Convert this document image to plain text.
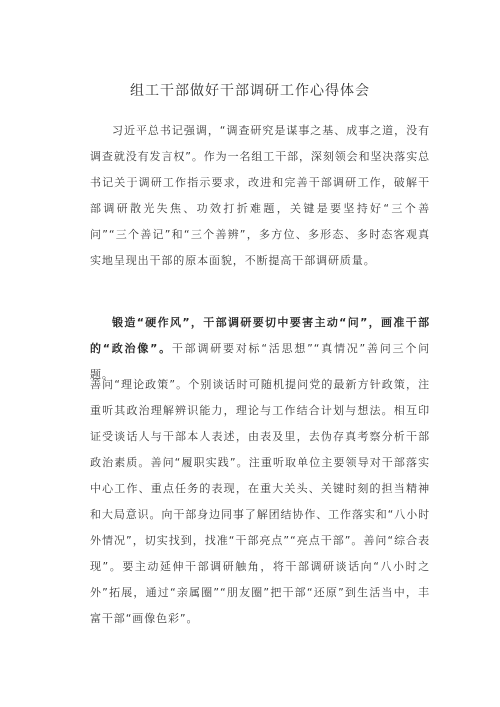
组工干部做好干部调研工作心得体会

习近平总书记强调，“调查研究是谋事之基、成事之道，没有调查就没有发言权”。作为一名组工干部，深刻领会和坚决落实总书记关于调研工作指示要求，改进和完善干部调研工作，破解干部调研散光失焦、功效打折难题，关键是要坚持好“三个善问”“三个善记”和“三个善辨”，多方位、多形态、多时态客观真实地呈现出干部的原本面貌，不断提高干部调研质量。

锻造“硬作风”，干部调研要切中要害主动“问”，画准干部的“政治像”。干部调研要对标“活思想”“真情况”善问三个问题。

善问“理论政策”。个别谈话时可随机提问党的最新方针政策，注重听其政治理解辨识能力，理论与工作结合计划与想法。相互印证受谈话人与干部本人表述，由表及里，去伪存真考察分析干部政治素质。善问“履职实践”。注重听取单位主要领导对干部落实中心工作、重点任务的表现，在重大关头、关键时刻的担当精神和大局意识。向干部身边同事了解团结协作、工作落实和“八小时外情况”，切实找到，找准“干部亮点”“亮点干部”。善问“综合表现”。要主动延伸干部调研触角，将干部调研谈话向“八小时之外”拓展，通过“亲属圈”“朋友圈”把干部“还原”到生活当中，丰富干部“画像色彩”。
